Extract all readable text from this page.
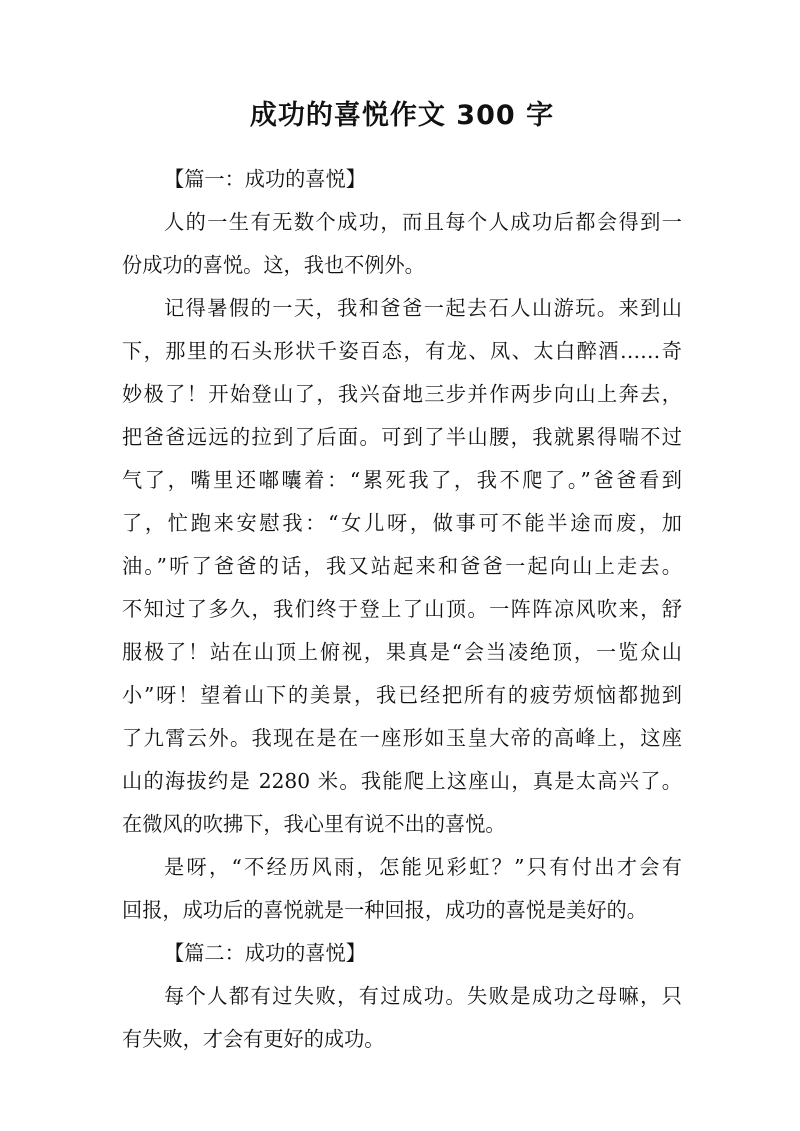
成功的喜悦作文 300 字

【篇一：成功的喜悦】

人的一生有无数个成功，而且每个人成功后都会得到一

份成功的喜悦。这，我也不例外。

记得暑假的一天，我和爸爸一起去石人山游玩。来到山

下，那里的石头形状千姿百态，有龙、凤、太白醉酒……奇

妙极了！开始登山了，我兴奋地三步并作两步向山上奔去，

把爸爸远远的拉到了后面。可到了半山腰，我就累得喘不过

气了，嘴里还嘟囔着：“累死我了，我不爬了。”爸爸看到

了，忙跑来安慰我：“女儿呀，做事可不能半途而废，加

油。”听了爸爸的话，我又站起来和爸爸一起向山上走去。

不知过了多久，我们终于登上了山顶。一阵阵凉风吹来，舒

服极了！站在山顶上俯视，果真是“会当凌绝顶，一览众山

小”呀！望着山下的美景，我已经把所有的疲劳烦恼都抛到

了九霄云外。我现在是在一座形如玉皇大帝的高峰上，这座

山的海拔约是 2280 米。我能爬上这座山，真是太高兴了。

在微风的吹拂下，我心里有说不出的喜悦。

是呀，“不经历风雨，怎能见彩虹？”只有付出才会有

回报，成功后的喜悦就是一种回报，成功的喜悦是美好的。

【篇二：成功的喜悦】

每个人都有过失败，有过成功。失败是成功之母嘛，只

有失败，才会有更好的成功。
